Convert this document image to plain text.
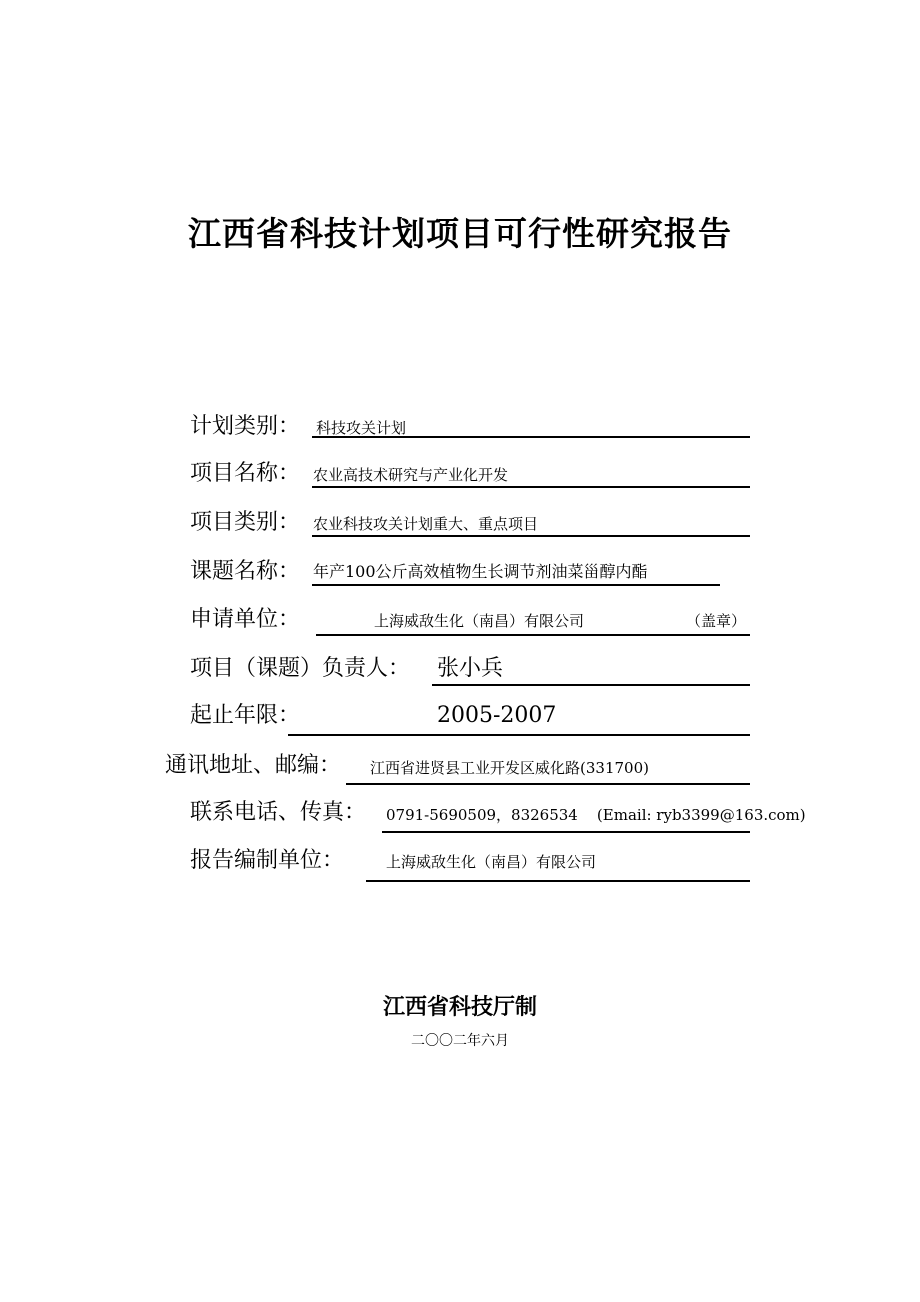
江西省科技计划项目可行性研究报告
计划类别： 科技攻关计划
项目名称： 农业高技术研究与产业化开发
项目类别： 农业科技攻关计划重大、重点项目
课题名称： 年产100公斤高效植物生长调节剂油菜甾醇内酯
申请单位：	上海威敌生化（南昌）有限公司	（盖章）
项目（课题）负责人： 张小兵
起止年限：	2005-2007
通讯地址、邮编： 江西省进贤县工业开发区威化路(331700)
联系电话、传真： 0791-5690509，8326534    (Email: ryb3399@163.com)
报告编制单位：	上海威敌生化（南昌）有限公司
江西省科技厅制
二〇〇二年六月
